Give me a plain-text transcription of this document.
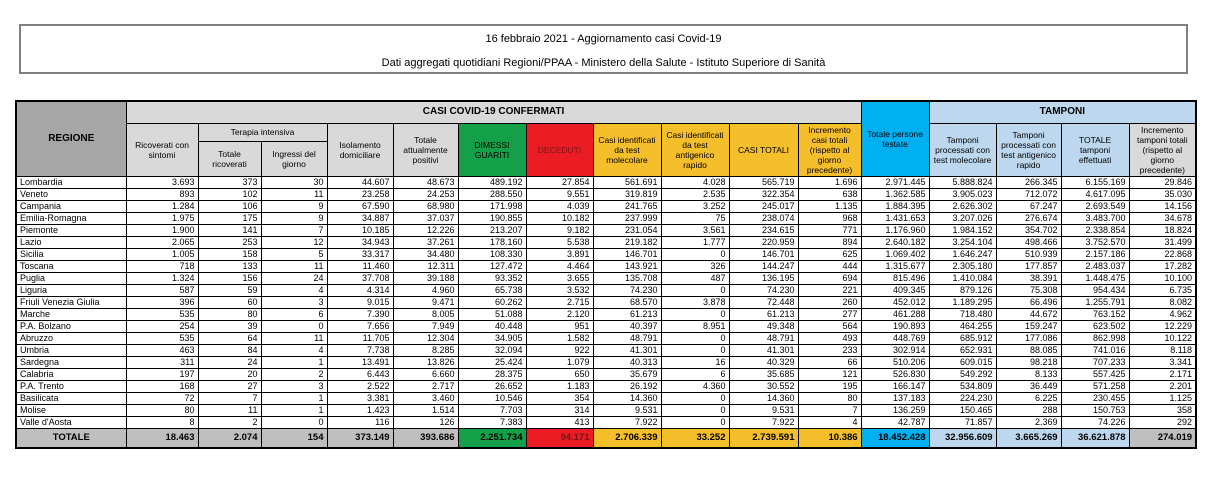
16 febbraio 2021 - Aggiornamento casi Covid-19
Dati aggregati quotidiani Regioni/PPAA - Ministero della Salute - Istituto Superiore di Sanità
REGIONE	CASI COVID-19 CONFERMATI											Totale persone testate	TAMPONI			
	Ricoverati con sintomi	Terapia intensiva		Isolamento domiciliare	Totale attualmente positivi	DIMESSI GUARITI	DECEDUTI	Casi identificati da test molecolare	Casi identificati da test antigenico rapido	CASI TOTALI	Incremento casi totali (rispetto al giorno precedente)		Tamponi processati con test molecolare	Tamponi processati con test antigenico rapido	TOTALE tamponi effettuati	Incremento tamponi totali (rispetto al giorno precedente)
		Totale ricoverati	Ingressi del giorno													
Lombardia	3.693	373	30	44.607	48.673	489.192	27.854	561.691	4.028	565.719	1.696	2.971.445	5.888.824	266.345	6.155.169	29.846
Veneto	893	102	11	23.258	24.253	288.550	9.551	319.819	2.535	322.354	638	1.362.585	3.905.023	712.072	4.617.095	35.030
Campania	1.284	106	9	67.590	68.980	171.998	4.039	241.765	3.252	245.017	1.135	1.884.395	2.626.302	67.247	2.693.549	14.156
Emilia-Romagna	1.975	175	9	34.887	37.037	190.855	10.182	237.999	75	238.074	968	1.431.653	3.207.026	276.674	3.483.700	34.678
Piemonte	1.900	141	7	10.185	12.226	213.207	9.182	231.054	3.561	234.615	771	1.176.960	1.984.152	354.702	2.338.854	18.824
Lazio	2.065	253	12	34.943	37.261	178.160	5.538	219.182	1.777	220.959	894	2.640.182	3.254.104	498.466	3.752.570	31.499
Sicilia	1.005	158	5	33.317	34.480	108.330	3.891	146.701	0	146.701	625	1.069.402	1.646.247	510.939	2.157.186	22.868
Toscana	718	133	11	11.460	12.311	127.472	4.464	143.921	326	144.247	444	1.315.677	2.305.180	177.857	2.483.037	17.282
Puglia	1.324	156	24	37.708	39.188	93.352	3.655	135.708	487	136.195	694	815.496	1.410.084	38.391	1.448.475	10.100
Liguria	587	59	4	4.314	4.960	65.738	3.532	74.230	0	74.230	221	409.345	879.126	75.308	954.434	6.735
Friuli Venezia Giulia	396	60	3	9.015	9.471	60.262	2.715	68.570	3.878	72.448	260	452.012	1.189.295	66.496	1.255.791	8.082
Marche	535	80	6	7.390	8.005	51.088	2.120	61.213	0	61.213	277	461.288	718.480	44.672	763.152	4.962
P.A. Bolzano	254	39	0	7.656	7.949	40.448	951	40.397	8.951	49.348	564	190.893	464.255	159.247	623.502	12.229
Abruzzo	535	64	11	11.705	12.304	34.905	1.582	48.791	0	48.791	493	448.769	685.912	177.086	862.998	10.122
Umbria	463	84	4	7.738	8.285	32.094	922	41.301	0	41.301	233	302.914	652.931	88.085	741.016	8.118
Sardegna	311	24	1	13.491	13.826	25.424	1.079	40.313	16	40.329	66	510.206	609.015	98.218	707.233	3.341
Calabria	197	20	2	6.443	6.660	28.375	650	35.679	6	35.685	121	526.830	549.292	8.133	557.425	2.171
P.A. Trento	168	27	3	2.522	2.717	26.652	1.183	26.192	4.360	30.552	195	166.147	534.809	36.449	571.258	2.201
Basilicata	72	7	1	3.381	3.460	10.546	354	14.360	0	14.360	80	137.183	224.230	6.225	230.455	1.125
Molise	80	11	1	1.423	1.514	7.703	314	9.531	0	9.531	7	136.259	150.465	288	150.753	358
Valle d'Aosta	8	2	0	116	126	7.383	413	7.922	0	7.922	4	42.787	71.857	2.369	74.226	292
TOTALE	18.463	2.074	154	373.149	393.686	2.251.734	94.171	2.706.339	33.252	2.739.591	10.386	18.452.428	32.956.609	3.665.269	36.621.878	274.019
